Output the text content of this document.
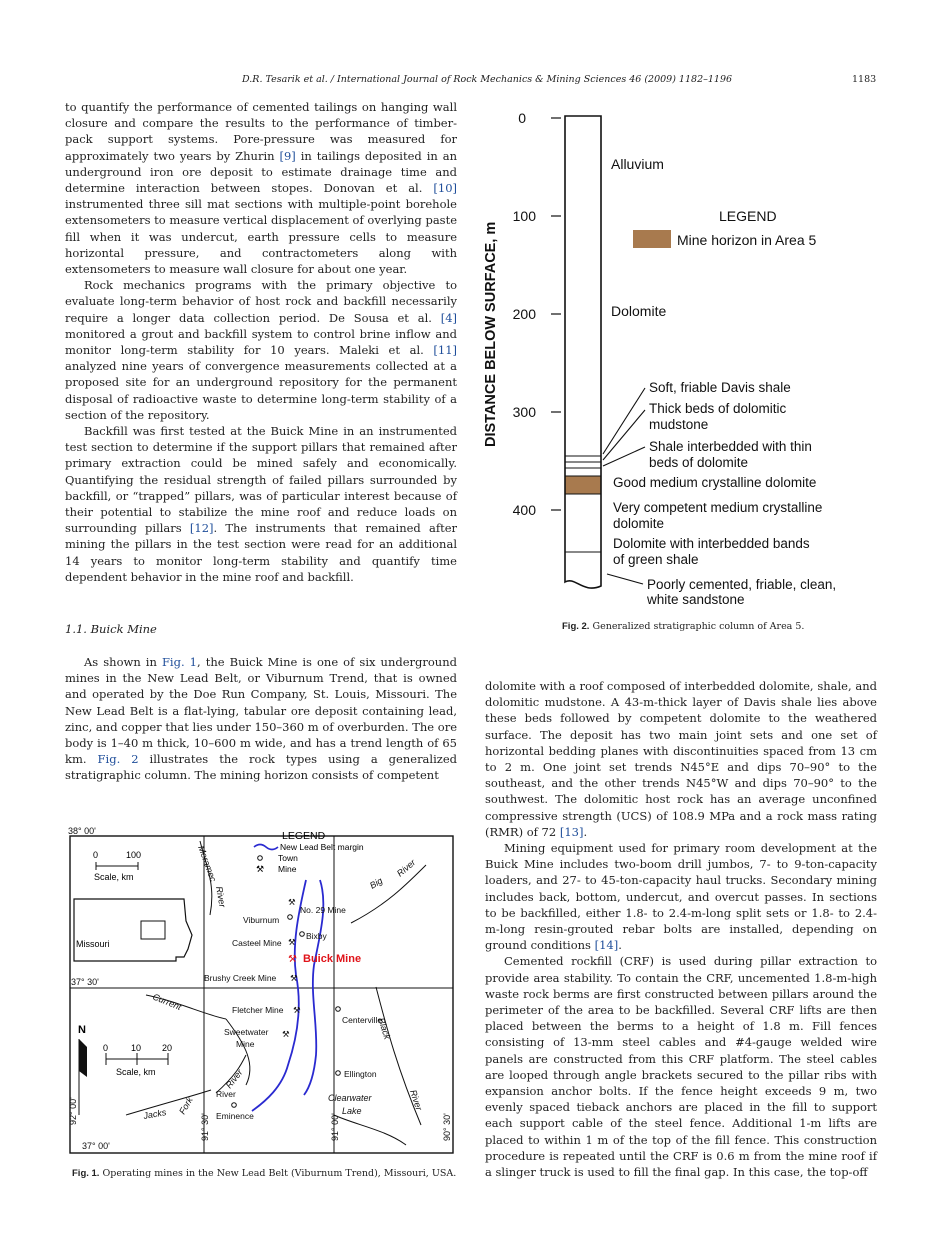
D.R. Tesarik et al. / International Journal of Rock Mechanics & Mining Sciences 46 (2009) 1182–1196	1183

to quantify the performance of cemented tailings on hanging wall closure and compare the results to the performance of timber-pack support systems. Pore-pressure was measured for approximately two years by Zhurin [9] in tailings deposited in an underground iron ore deposit to estimate drainage time and determine interaction between stopes. Donovan et al. [10] instrumented three sill mat sections with multiple-point borehole extensometers to measure vertical displacement of overlying paste fill when it was undercut, earth pressure cells to measure horizontal pressure, and contractometers along with extensometers to measure wall closure for about one year.

Rock mechanics programs with the primary objective to evaluate long-term behavior of host rock and backfill necessarily require a longer data collection period. De Sousa et al. [4] monitored a grout and backfill system to control brine inflow and monitor long-term stability for 10 years. Maleki et al. [11] analyzed nine years of convergence measurements collected at a proposed site for an underground repository for the permanent disposal of radioactive waste to determine long-term stability of a section of the repository.

Backfill was first tested at the Buick Mine in an instrumented test section to determine if the support pillars that remained after primary extraction could be mined safely and economically. Quantifying the residual strength of failed pillars surrounded by backfill, or “trapped” pillars, was of particular interest because of their potential to stabilize the mine roof and reduce loads on surrounding pillars [12]. The instruments that remained after mining the pillars in the test section were read for an additional 14 years to monitor long-term stability and quantify time dependent behavior in the mine roof and backfill.

1.1. Buick Mine

As shown in Fig. 1, the Buick Mine is one of six underground mines in the New Lead Belt, or Viburnum Trend, that is owned and operated by the Doe Run Company, St. Louis, Missouri. The New Lead Belt is a flat-lying, tabular ore deposit containing lead, zinc, and copper that lies under 150–360 m of overburden. The ore body is 1–40 m thick, 10–600 m wide, and has a trend length of 65 km. Fig. 2 illustrates the rock types using a generalized stratigraphic column. The mining horizon consists of competent

dolomite with a roof composed of interbedded dolomite, shale, and dolomitic mudstone. A 43-m-thick layer of Davis shale lies above these beds followed by competent dolomite to the weathered surface. The deposit has two main joint sets and one set of horizontal bedding planes with discontinuities spaced from 13 cm to 2 m. One joint set trends N45°E and dips 70–90° to the southeast, and the other trends N45°W and dips 70–90° to the southwest. The dolomitic host rock has an average unconfined compressive strength (UCS) of 108.9 MPa and a rock mass rating (RMR) of 72 [13].

Mining equipment used for primary room development at the Buick Mine includes two-boom drill jumbos, 7- to 9-ton-capacity loaders, and 27- to 45-ton-capacity haul trucks. Secondary mining includes back, bottom, undercut, and overcut passes. In sections to be backfilled, either 1.8- to 2.4-m-long split sets or 1.8- to 2.4-m-long resin-grouted rebar bolts are installed, depending on ground conditions [14].

Cemented rockfill (CRF) is used during pillar extraction to provide area stability. To contain the CRF, uncemented 1.8-m-high waste rock berms are first constructed between pillars around the perimeter of the area to be backfilled. Several CRF lifts are then placed between the berms to a height of 1.8 m. Fill fences consisting of 13-mm steel cables and #4-gauge welded wire panels are constructed from this CRF platform. The steel cables are looped through angle brackets secured to the pillar ribs with expansion anchor bolts. If the fence height exceeds 9 m, two evenly spaced tieback anchors are placed in the fill to support each support cable of the steel fence. Additional 1-m lifts are placed to within 1 m of the top of the fill fence. This construction procedure is repeated until the CRF is 0.6 m from the mine roof if a slinger truck is used to fill the final gap. In this case, the top-off

DISTANCE BELOW SURFACE, m
0
100
200
300
400
Alluvium
Dolomite
LEGEND
Mine horizon in Area 5
Soft, friable Davis shale
Thick beds of dolomitic
mudstone
Shale interbedded with thin
beds of dolomite
Good medium crystalline dolomite
Very competent medium crystalline
dolomite
Dolomite with interbedded bands
of green shale
Poorly cemented, friable, clean,
white sandstone
Fig. 2. Generalized stratigraphic column of Area 5.
38° 00'
37° 30'
37° 00'
92° 00'
91° 30'	91° 00'	90° 30'
0	100
Scale, km
Missouri
N
0	10 20
Scale, km
LEGEND
New Lead Belt margin
Town
⚒ Mine
Meramec
River
Big
River
Current
Black
River
Jacks Fork
River
Clearwater
Lake
⚒
No. 29 Mine
Viburnum
Bixby
Casteel Mine ⚒
⚒ Buick Mine
Brushy Creek Mine ⚒
Fletcher Mine ⚒
Centerville
Sweetwater
Mine
⚒
Ellington
River
Eminence
Fig. 1. Operating mines in the New Lead Belt (Viburnum Trend), Missouri, USA.
